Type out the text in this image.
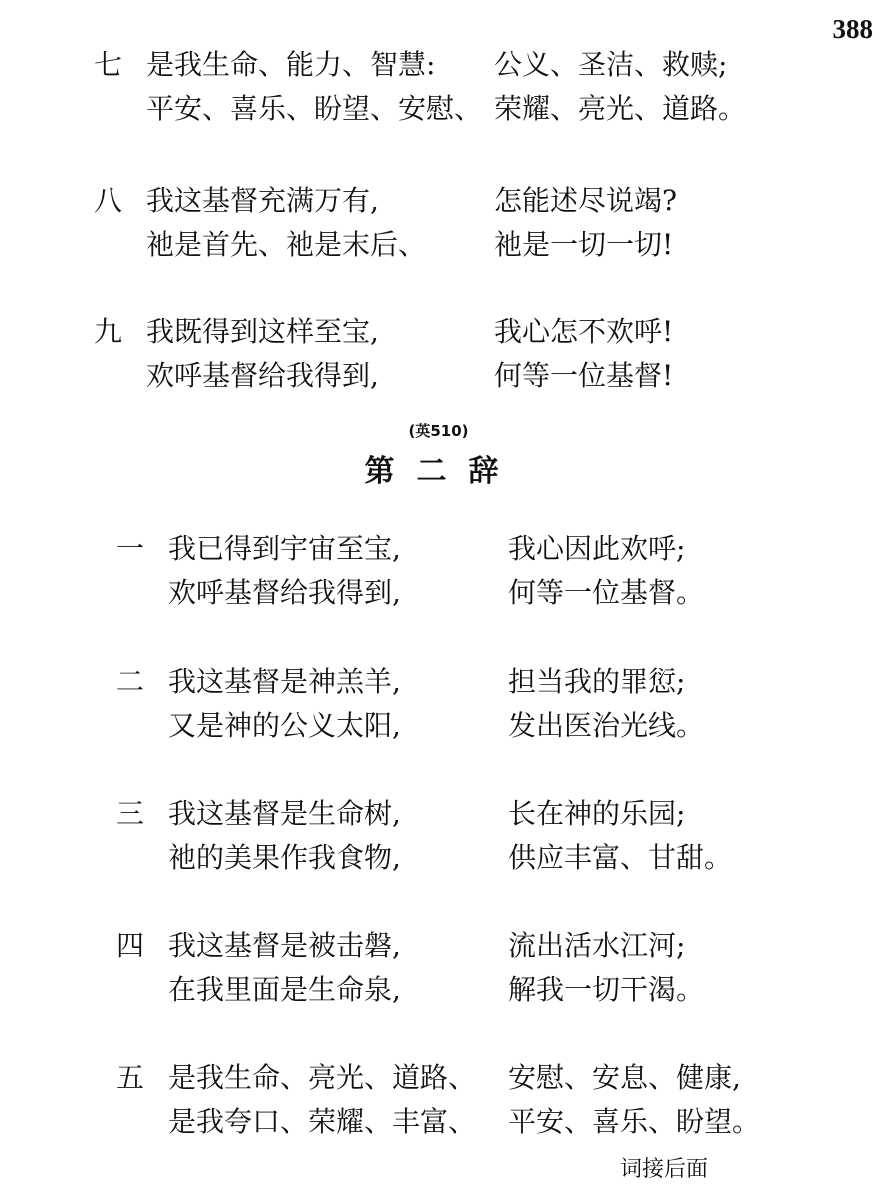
388
七 是我生命、能力、智慧: 公义、圣洁、救赎;
平安、喜乐、盼望、安慰、 荣耀、亮光、道路。
八 我这基督充满万有,	怎能述尽说竭?
祂是首先、祂是末后、 祂是一切一切!
九 我既得到这样至宝,	我心怎不欢呼!
欢呼基督给我得到,	何等一位基督!
(英510)
第二辞
一 我已得到宇宙至宝,	我心因此欢呼;
欢呼基督给我得到,	何等一位基督。
二 我这基督是神羔羊,	担当我的罪愆;
又是神的公义太阳,	发出医治光线。
三 我这基督是生命树,	长在神的乐园;
祂的美果作我食物,	供应丰富、甘甜。
四 我这基督是被击磐,	流出活水江河;
在我里面是生命泉,	解我一切干渴。
五 是我生命、亮光、道路、 安慰、安息、健康,
是我夸口、荣耀、丰富、 平安、喜乐、盼望。
词接后面
